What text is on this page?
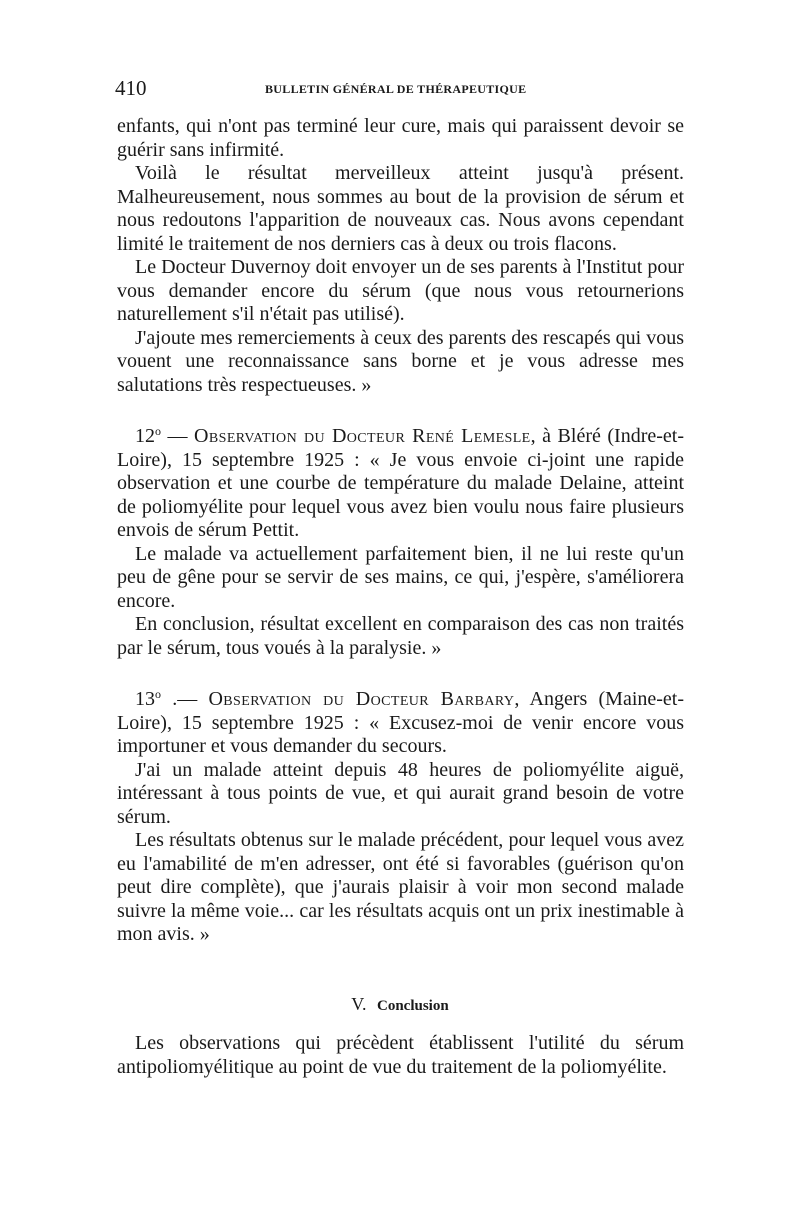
410	BULLETIN GÉNÉRAL DE THÉRAPEUTIQUE

enfants, qui n'ont pas terminé leur cure, mais qui paraissent devoir se guérir sans infirmité.

Voilà le résultat merveilleux atteint jusqu'à présent. Malheureusement, nous sommes au bout de la provision de sérum et nous redoutons l'apparition de nouveaux cas. Nous avons cependant limité le traitement de nos derniers cas à deux ou trois flacons.

Le Docteur Duvernoy doit envoyer un de ses parents à l'Institut pour vous demander encore du sérum (que nous vous retournerions naturellement s'il n'était pas utilisé).

J'ajoute mes remerciements à ceux des parents des rescapés qui vous vouent une reconnaissance sans borne et je vous adresse mes salutations très respectueuses. »

12$^o$ — Observation du Docteur René Lemesle, à Bléré (Indre-et-Loire), 15 septembre 1925 : « Je vous envoie ci-joint une rapide observation et une courbe de température du malade Delaine, atteint de poliomyélite pour lequel vous avez bien voulu nous faire plusieurs envois de sérum Pettit.

Le malade va actuellement parfaitement bien, il ne lui reste qu'un peu de gêne pour se servir de ses mains, ce qui, j'espère, s'améliorera encore.

En conclusion, résultat excellent en comparaison des cas non traités par le sérum, tous voués à la paralysie. »

13$^o$ .— Observation du Docteur Barbary, Angers (Maine-et-Loire), 15 septembre 1925 : « Excusez-moi de venir encore vous importuner et vous demander du secours.

J'ai un malade atteint depuis 48 heures de poliomyélite aiguë, intéressant à tous points de vue, et qui aurait grand besoin de votre sérum.

Les résultats obtenus sur le malade précédent, pour lequel vous avez eu l'amabilité de m'en adresser, ont été si favorables (guérison qu'on peut dire complète), que j'aurais plaisir à voir mon second malade suivre la même voie... car les résultats acquis ont un prix inestimable à mon avis. »

V. Conclusion

Les observations qui précèdent établissent l'utilité du sérum antipoliomyélitique au point de vue du traitement de la poliomyélite.
